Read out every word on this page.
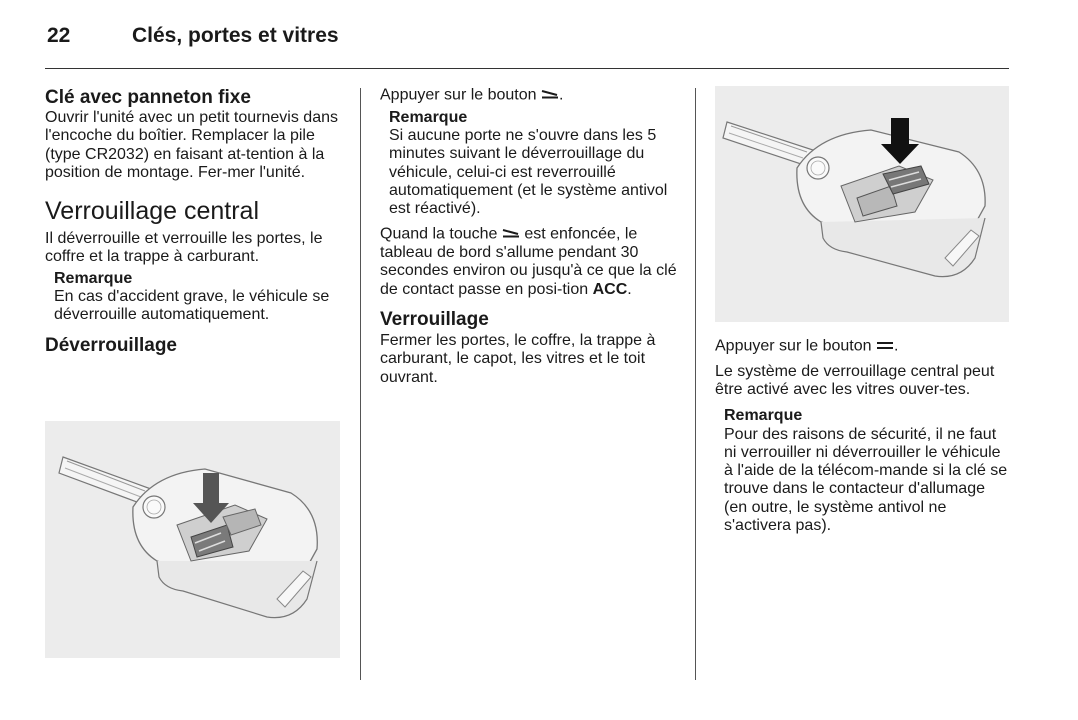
22	Clés, portes et vitres
Clé avec panneton fixe

Ouvrir l'unité avec un petit tournevis dans l'encoche du boîtier. Remplacer la pile (type CR2032) en faisant at-tention à la position de montage. Fer-mer l'unité.

Verrouillage central

Il déverrouille et verrouille les portes, le coffre et la trappe à carburant.

Remarque

En cas d'accident grave, le véhicule se déverrouille automatiquement.

Déverrouillage

Appuyer sur le bouton .

Remarque

Si aucune porte ne s'ouvre dans les 5 minutes suivant le déverrouillage du véhicule, celui-ci est reverrouillé automatiquement (et le système antivol est réactivé).

Quand la touche est enfoncée, le tableau de bord s'allume pendant 30 secondes environ ou jusqu'à ce que la clé de contact passe en posi-tion ACC.

Verrouillage

Fermer les portes, le coffre, la trappe à carburant, le capot, les vitres et le toit ouvrant.

Appuyer sur le bouton .

Le système de verrouillage central peut être activé avec les vitres ouver-tes.

Remarque

Pour des raisons de sécurité, il ne faut ni verrouiller ni déverrouiller le véhicule à l'aide de la télécom-mande si la clé se trouve dans le contacteur d'allumage (en outre, le système antivol ne s'activera pas).
